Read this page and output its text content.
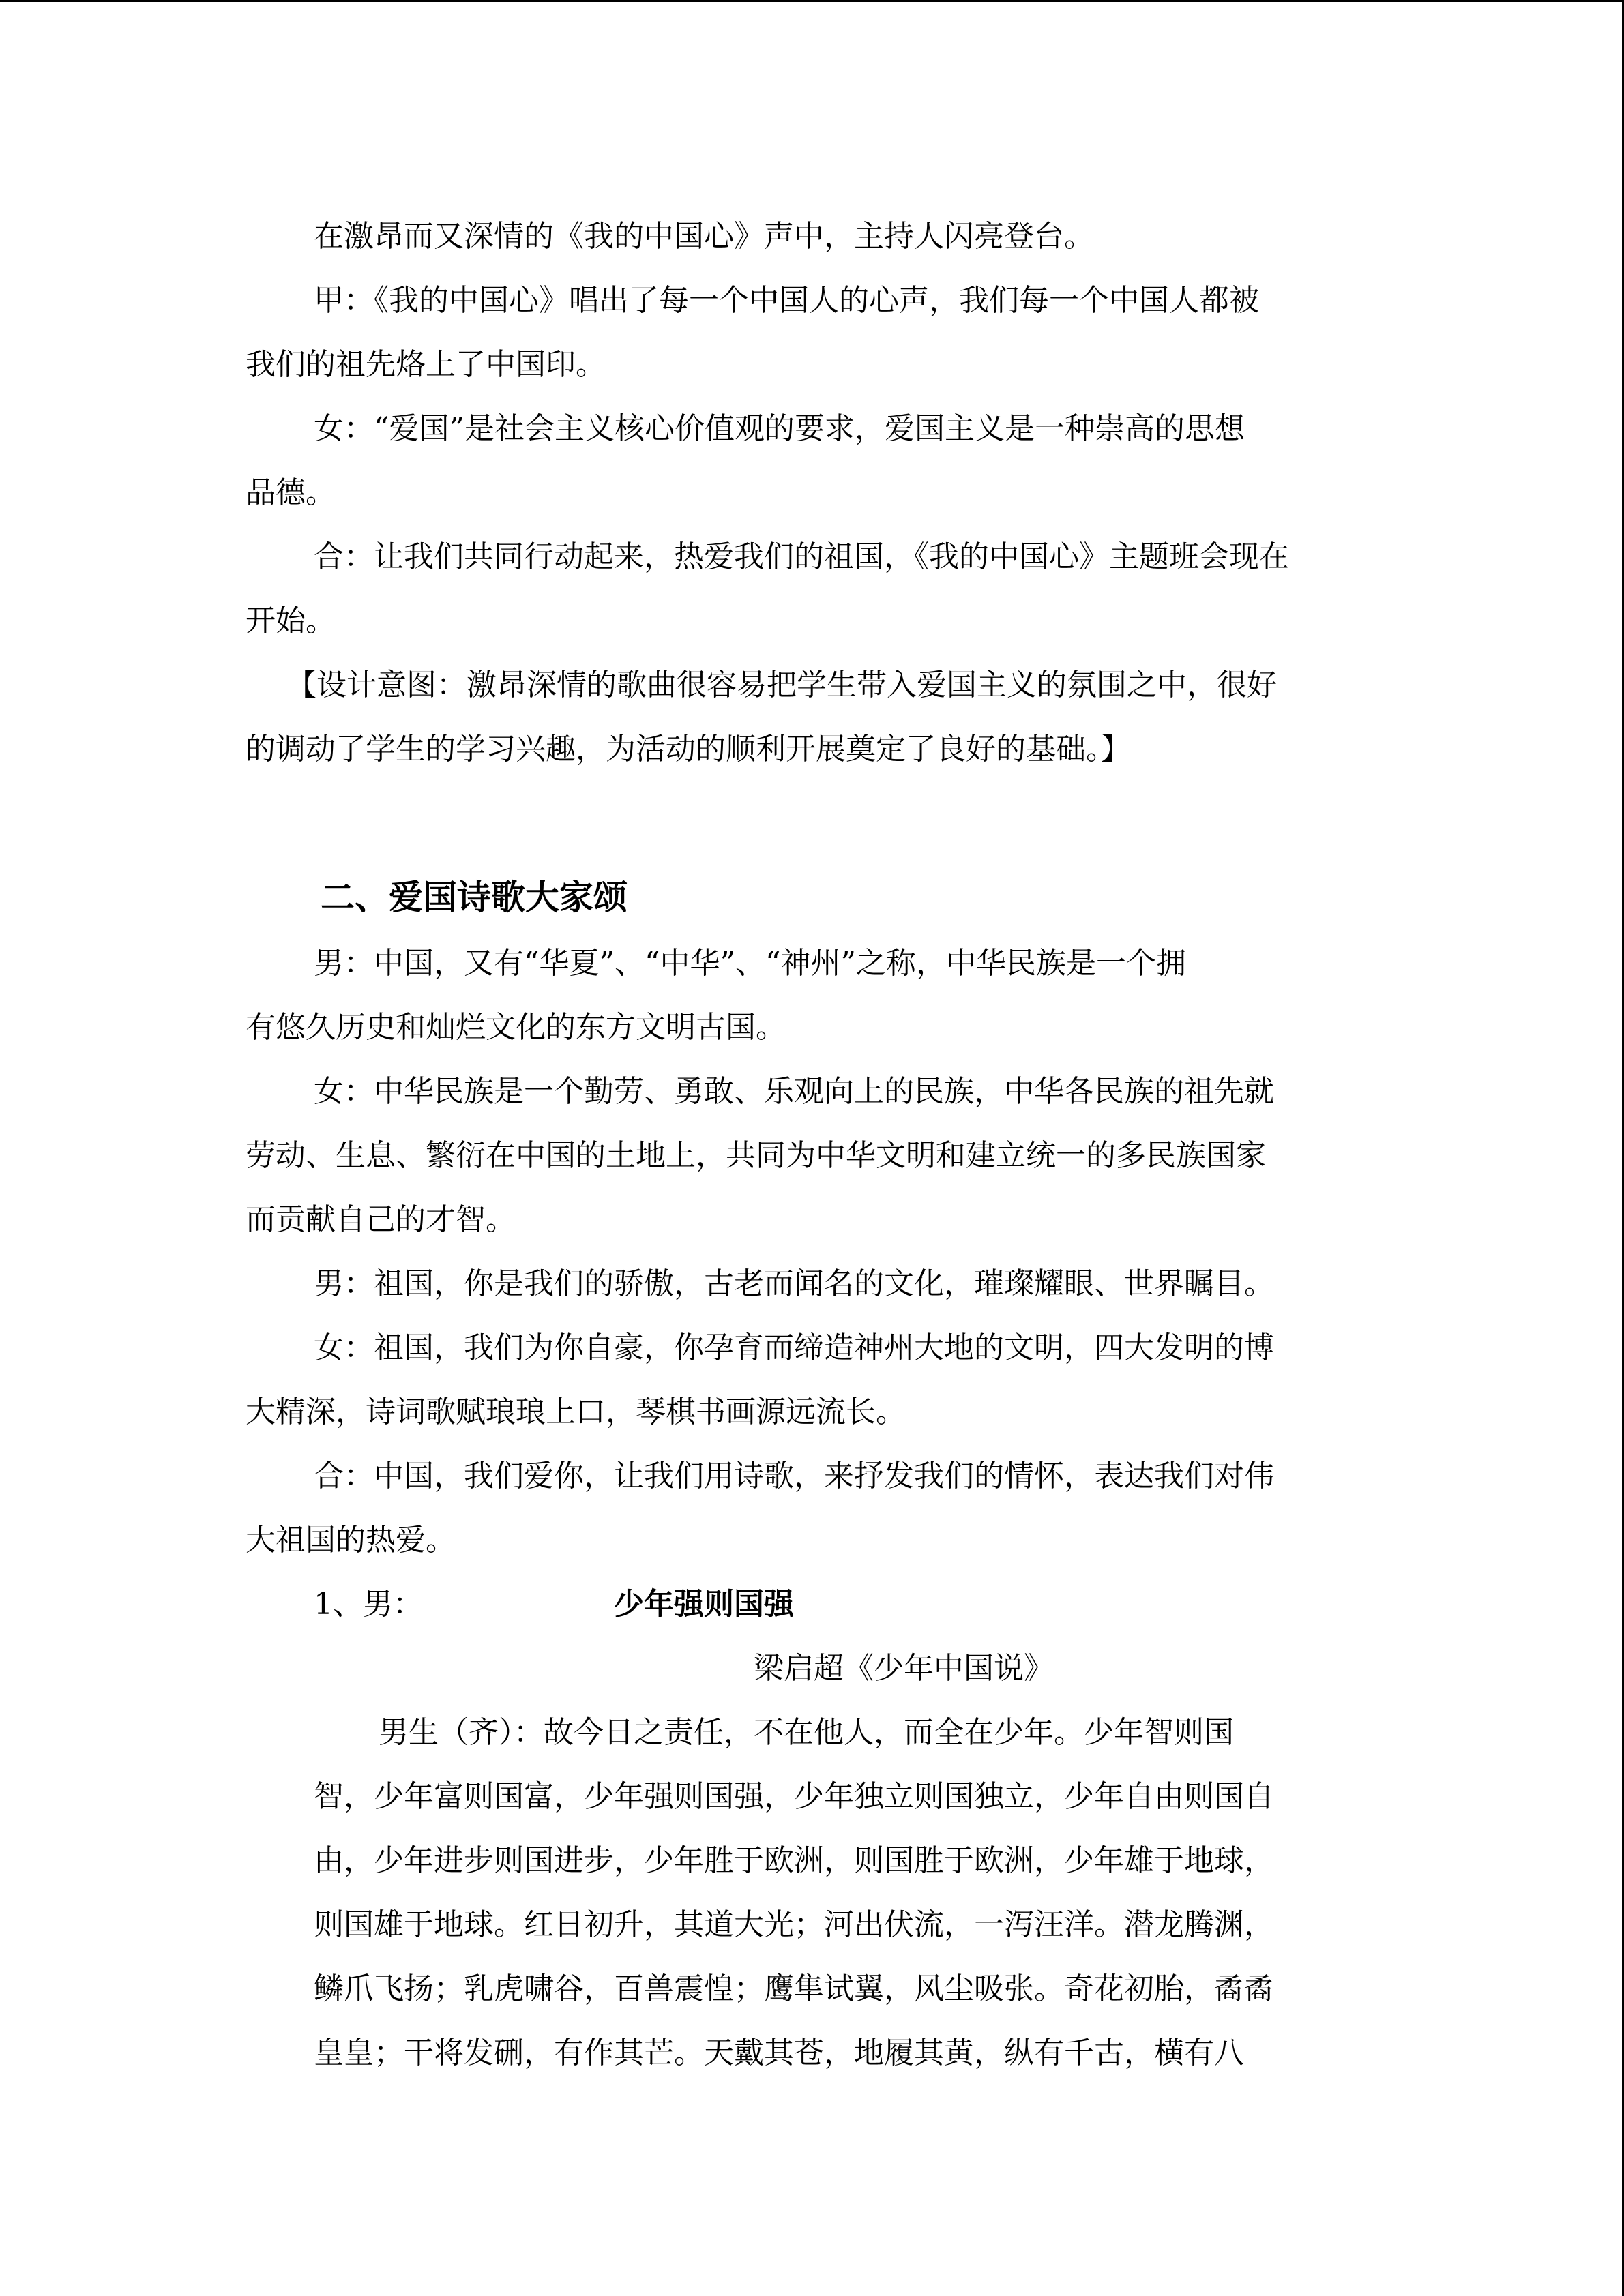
在激昂而又深情的《我的中国心》声中，主持人闪亮登台。

甲：《我的中国心》唱出了每一个中国人的心声，我们每一个中国人都被

我们的祖先烙上了中国印。

女：“爱国”是社会主义核心价值观的要求，爱国主义是一种崇高的思想

品德。

合：让我们共同行动起来，热爱我们的祖国，《我的中国心》主题班会现在

开始。

【设计意图：激昂深情的歌曲很容易把学生带入爱国主义的氛围之中，很好

的调动了学生的学习兴趣，为活动的顺利开展奠定了良好的基础。】

二、爱国诗歌大家颂

男：中国，又有“华夏”、“中华”、“神州”之称，中华民族是一个拥

有悠久历史和灿烂文化的东方文明古国。

女：中华民族是一个勤劳、勇敢、乐观向上的民族，中华各民族的祖先就

劳动、生息、繁衍在中国的土地上，共同为中华文明和建立统一的多民族国家

而贡献自己的才智。

男：祖国，你是我们的骄傲，古老而闻名的文化，璀璨耀眼、世界瞩目。

女：祖国，我们为你自豪，你孕育而缔造神州大地的文明，四大发明的博

大精深，诗词歌赋琅琅上口，琴棋书画源远流长。

合：中国，我们爱你，让我们用诗歌，来抒发我们的情怀，表达我们对伟

大祖国的热爱。

1、男：	少年强则国强

梁启超《少年中国说》

男生（齐）：故今日之责任，不在他人，而全在少年。少年智则国

智，少年富则国富，少年强则国强，少年独立则国独立，少年自由则国自

由，少年进步则国进步，少年胜于欧洲，则国胜于欧洲，少年雄于地球，

则国雄于地球。红日初升，其道大光；河出伏流，一泻汪洋。潜龙腾渊，

鳞爪飞扬；乳虎啸谷，百兽震惶；鹰隼试翼，风尘吸张。奇花初胎，矞矞

皇皇；干将发硎，有作其芒。天戴其苍，地履其黄，纵有千古，横有八
